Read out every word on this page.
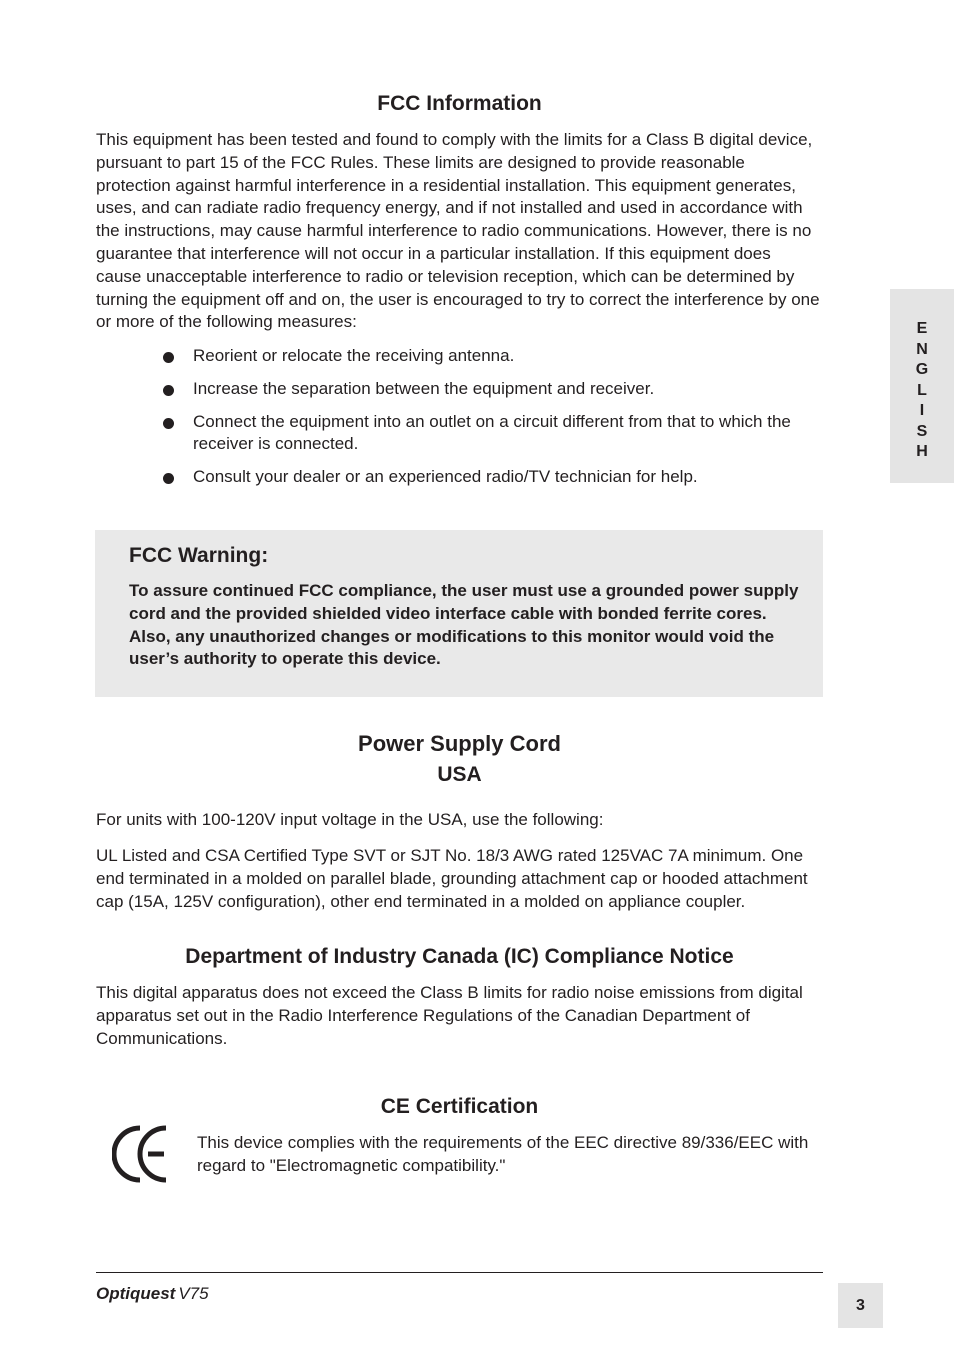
FCC Information

This equipment has been tested and found to comply with the limits for a Class B digital device, pursuant to part 15 of the FCC Rules. These limits are designed to provide reasonable protection against harmful interference in a residential installation. This equipment generates, uses, and can radiate radio frequency energy, and if not installed and used in accordance with the instructions, may cause harmful interference to radio communications. However, there is no guarantee that interference will not occur in a particular installation. If this equipment does cause unacceptable interference to radio or television reception, which can be determined by turning the equipment off and on, the user is encouraged to try to correct the interference by one or more of the following measures:

Reorient or relocate the receiving antenna.
Increase the separation between the equipment and receiver.
Connect the equipment into an outlet on a circuit different from that to which the receiver is connected.
Consult your dealer or an experienced radio/TV technician for help.

FCC Warning:

To assure continued FCC compliance, the user must use a grounded power supply cord and the provided shielded video interface cable with bonded ferrite cores. Also, any unauthorized changes or modifications to this monitor would void the user’s authority to operate this device.

Power Supply Cord
USA

For units with 100-120V input voltage in the USA, use the following:

UL Listed and CSA Certified Type SVT or SJT No. 18/3 AWG rated 125VAC 7A minimum. One end terminated in a molded on parallel blade, grounding attachment cap or hooded attachment cap (15A, 125V configuration), other end terminated in a molded on appliance coupler.

Department of Industry Canada (IC) Compliance Notice

This digital apparatus does not exceed the Class B limits for radio noise emissions from digital apparatus set out in the Radio Interference Regulations of the Canadian Department of Communications.

CE Certification

This device complies with the requirements of the EEC directive 89/336/EEC with regard to "Electromagnetic compatibility."

E
N
G
L
I
S
H
Optiquest V75
3
